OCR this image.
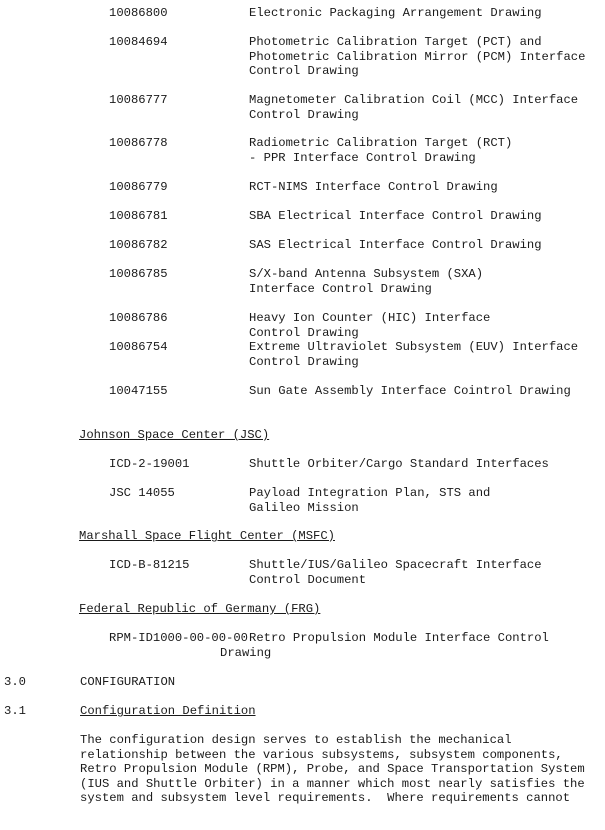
10086800	Electronic Packaging Arrangement Drawing
10084694	Photometric Calibration Target (PCT) and
Photometric Calibration Mirror (PCM) Interface
Control Drawing
10086777	Magnetometer Calibration Coil (MCC) Interface
Control Drawing
10086778	Radiometric Calibration Target (RCT)
- PPR Interface Control Drawing
10086779	RCT-NIMS Interface Control Drawing
10086781	SBA Electrical Interface Control Drawing
10086782	SAS Electrical Interface Control Drawing
10086785	S/X-band Antenna Subsystem (SXA)
Interface Control Drawing
10086786	Heavy Ion Counter (HIC) Interface
Control Drawing
10086754	Extreme Ultraviolet Subsystem (EUV) Interface
Control Drawing
10047155	Sun Gate Assembly Interface Cointrol Drawing
Johnson Space Center (JSC)
ICD-2-19001	Shuttle Orbiter/Cargo Standard Interfaces
JSC 14055	Payload Integration Plan, STS and
Galileo Mission
Marshall Space Flight Center (MSFC)
ICD-B-81215	Shuttle/IUS/Galileo Spacecraft Interface
Control Document
Federal Republic of Germany (FRG)
RPM-ID1000-00-00-00 Retro Propulsion Module Interface Control
Drawing
3.0	CONFIGURATION
3.1	Configuration Definition
The configuration design serves to establish the mechanical
relationship between the various subsystems, subsystem components,
Retro Propulsion Module (RPM), Probe, and Space Transportation System
(IUS and Shuttle Orbiter) in a manner which most nearly satisfies the
system and subsystem level requirements.  Where requirements cannot
